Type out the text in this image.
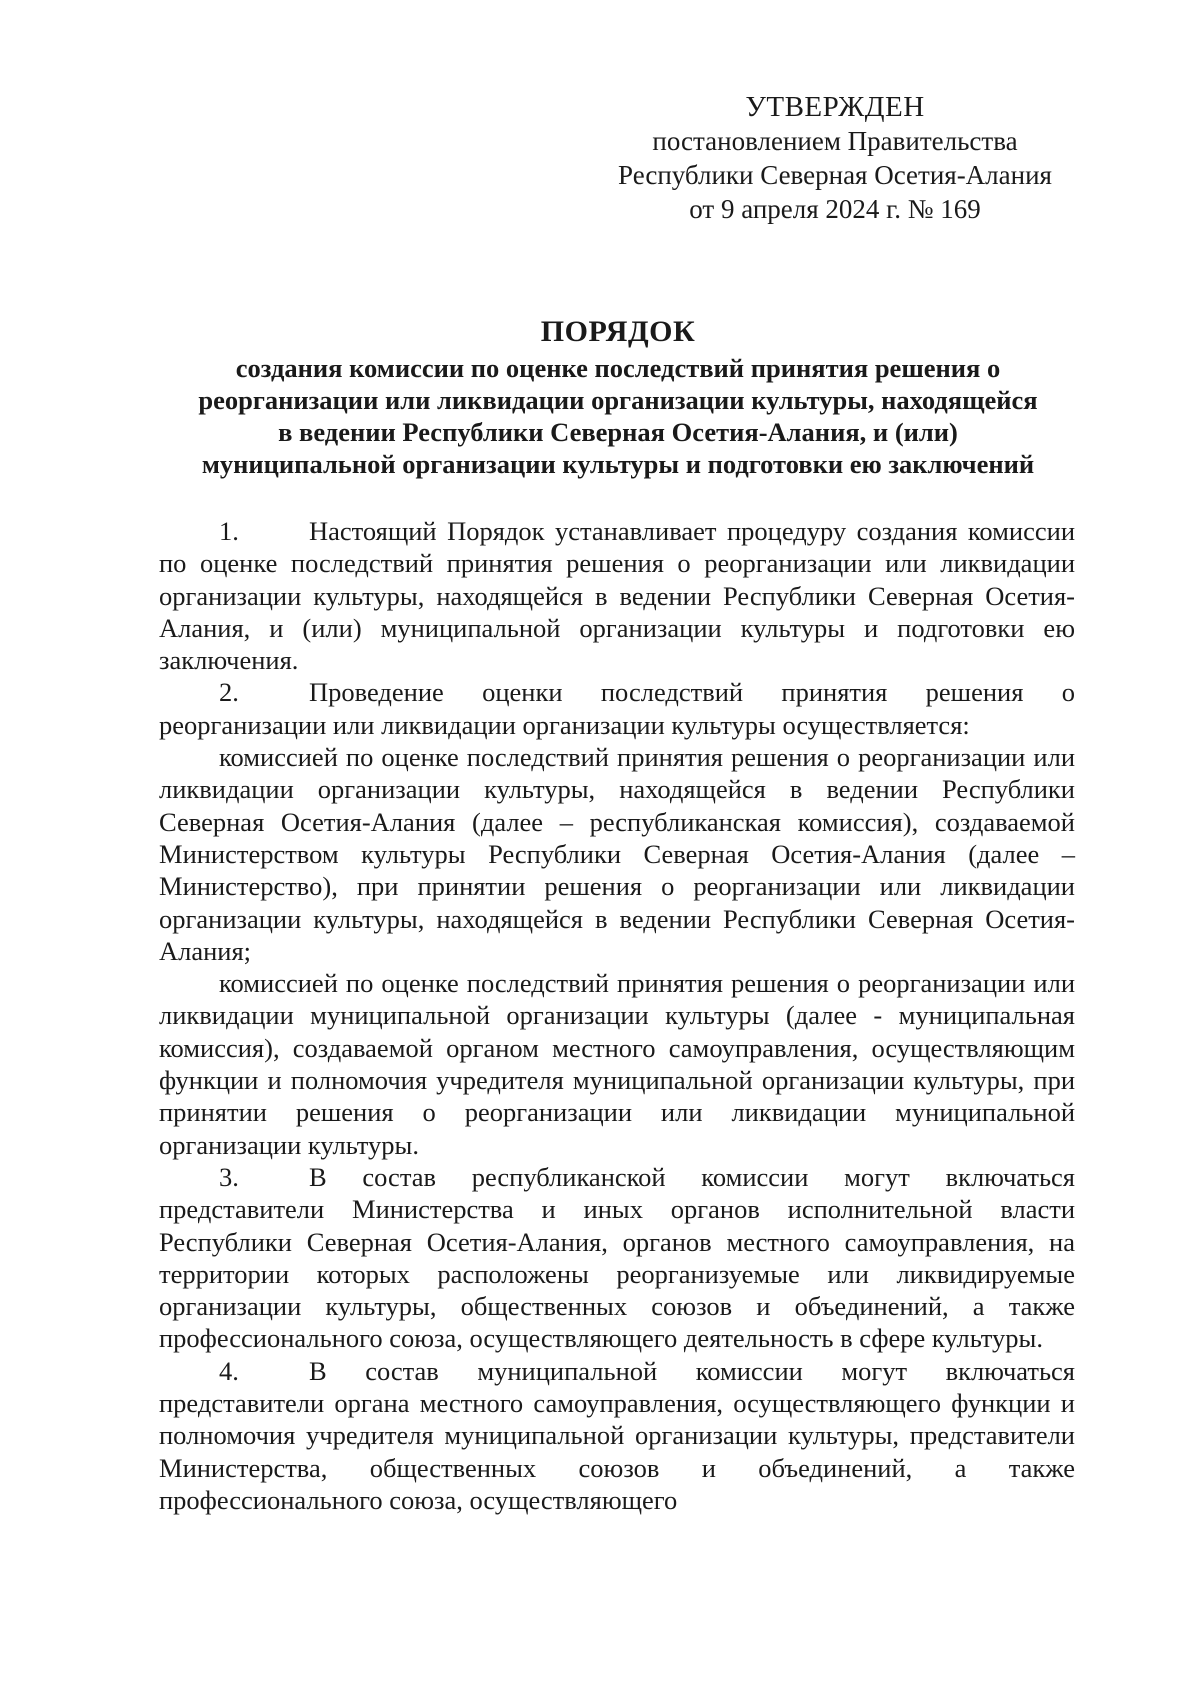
УТВЕРЖДЕН
постановлением Правительства
Республики Северная Осетия-Алания
от 9 апреля 2024 г. № 169
ПОРЯДОК
создания комиссии по оценке последствий принятия решения о
реорганизации или ликвидации организации культуры, находящейся
в ведении Республики Северная Осетия-Алания, и (или)
муниципальной организации культуры и подготовки ею заключений

1.	Настоящий Порядок устанавливает процедуру создания комиссии по оценке последствий принятия решения о реорганизации или ликвидации организации культуры, находящейся в ведении Республики Северная Осетия-Алания, и (или) муниципальной организации культуры и подготовки ею заключения.

2.	Проведение оценки последствий принятия решения о реорганизации или ликвидации организации культуры осуществляется:

комиссией по оценке последствий принятия решения о реорганизации или ликвидации организации культуры, находящейся в ведении Республики Северная Осетия-Алания (далее – республиканская комиссия), создаваемой Министерством культуры Республики Северная Осетия-Алания (далее – Министерство), при принятии решения о реорганизации или ликвидации организации культуры, находящейся в ведении Республики Северная Осетия-Алания;

комиссией по оценке последствий принятия решения о реорганизации или ликвидации муниципальной организации культуры (далее - муниципальная комиссия), создаваемой органом местного самоуправления, осуществляющим функции и полномочия учредителя муниципальной организации культуры, при принятии решения о реорганизации или ликвидации муниципальной организации культуры.

3.	В состав республиканской комиссии могут включаться представители Министерства и иных органов исполнительной власти Республики Северная Осетия-Алания, органов местного самоуправления, на территории которых расположены реорганизуемые или ликвидируемые организации культуры, общественных союзов и объединений, а также профессионального союза, осуществляющего деятельность в сфере культуры.

4.	В состав муниципальной комиссии могут включаться представители органа местного самоуправления, осуществляющего функции и полномочия учредителя муниципальной организации культуры, представители Министерства, общественных союзов и объединений, а также профессионального союза, осуществляющего
